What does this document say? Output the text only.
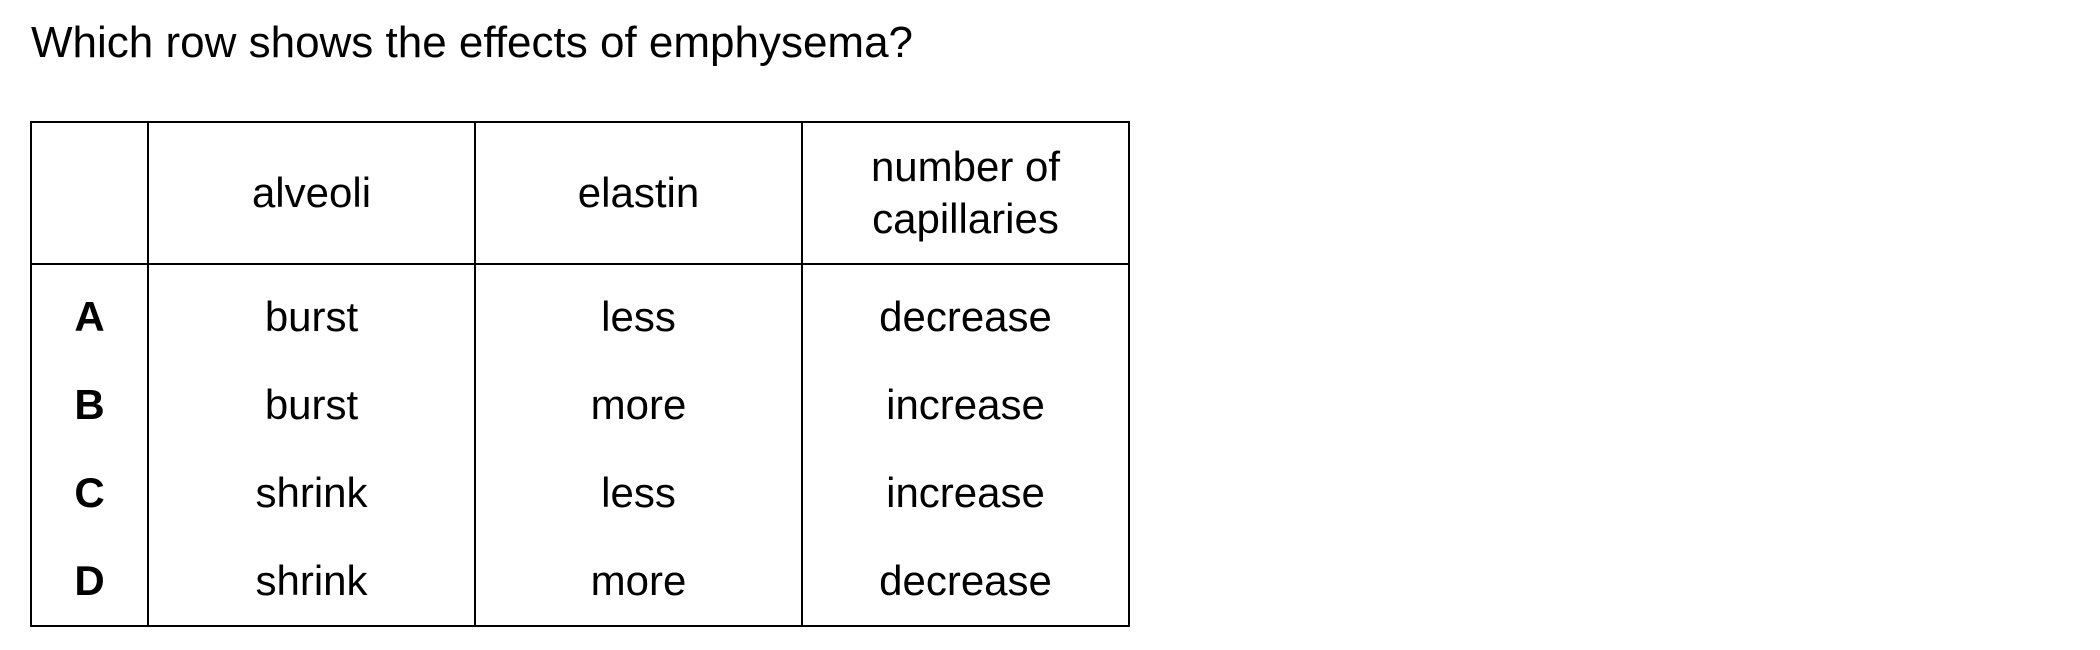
Which row shows the effects of emphysema?
	alveoli	elastin	number of
capillaries
A	burst	less	decrease
B	burst	more	increase
C	shrink	less	increase
D	shrink	more	decrease
